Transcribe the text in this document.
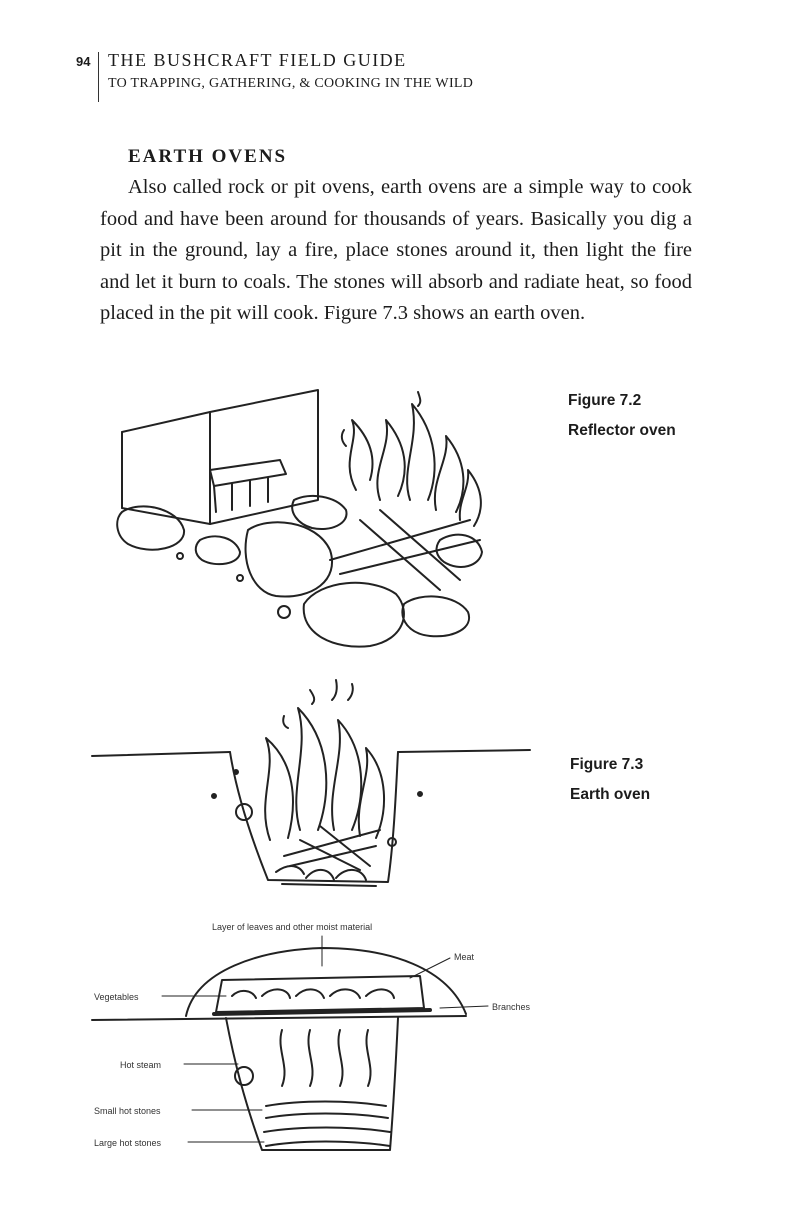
94 THE BUSHCRAFT FIELD GUIDE
TO TRAPPING, GATHERING, & COOKING IN THE WILD
EARTH OVENS

Also called rock or pit ovens, earth ovens are a simple way to cook food and have been around for thousands of years. Basically you dig a pit in the ground, lay a fire, place stones around it, then light the fire and let it burn to coals. The stones will absorb and radiate heat, so food placed in the pit will cook. Figure 7.3 shows an earth oven.

Figure 7.2
Reflector oven
Figure 7.3
Earth oven
Layer of leaves and other moist material
Meat
Vegetables
Branches
Hot steam
Small hot stones
Large hot stones
